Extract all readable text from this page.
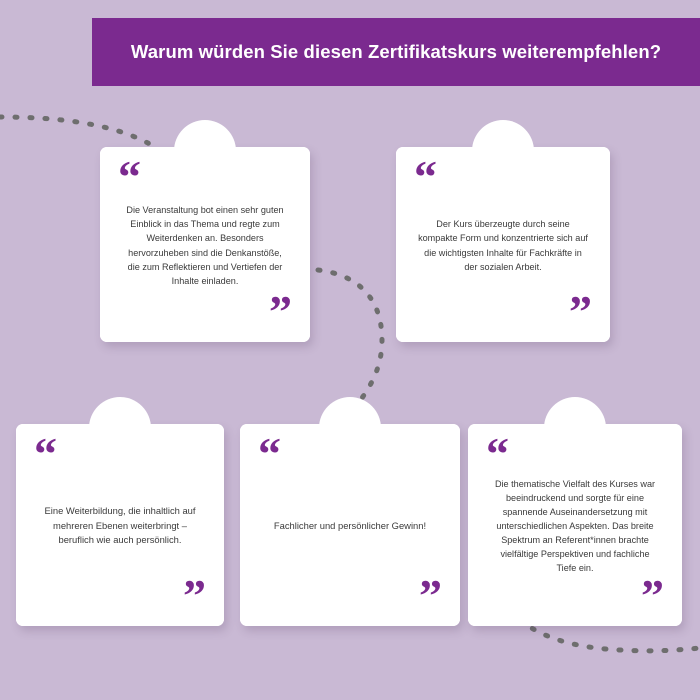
Warum würden Sie diesen Zertifikatskurs weiterempfehlen?
“
Die Veranstaltung bot einen sehr guten Einblick in das Thema und regte zum Weiterdenken an. Besonders hervorzuheben sind die Denkanstöße, die zum Reflektieren und Vertiefen der Inhalte einladen.
”
“
Der Kurs überzeugte durch seine kompakte Form und konzentrierte sich auf die wichtigsten Inhalte für Fachkräfte in der sozialen Arbeit.
”
“
Eine Weiterbildung, die inhaltlich auf mehreren Ebenen weiterbringt – beruflich wie auch persönlich.
”
“
Fachlicher und persönlicher Gewinn!
”
“
Die thematische Vielfalt des Kurses war beeindruckend und sorgte für eine spannende Auseinandersetzung mit unterschiedlichen Aspekten. Das breite Spektrum an Referent*innen brachte vielfältige Perspektiven und fachliche Tiefe ein.
”
